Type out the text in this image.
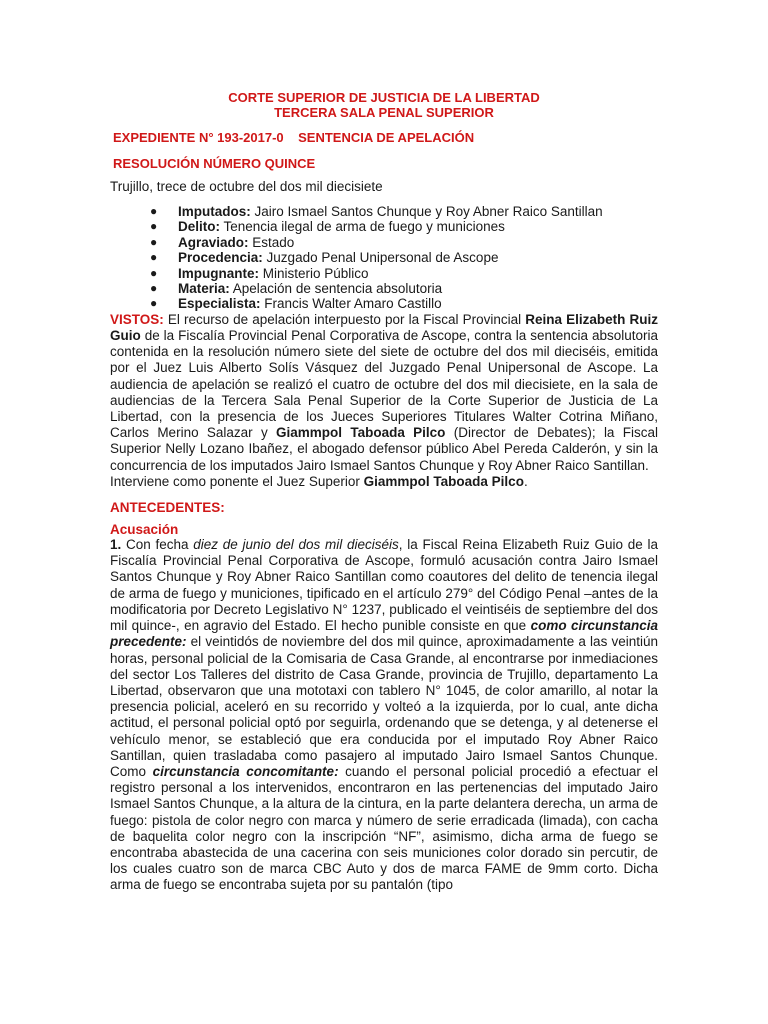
CORTE SUPERIOR DE JUSTICIA DE LA LIBERTAD
TERCERA SALA PENAL SUPERIOR
EXPEDIENTE N° 193-2017-0 SENTENCIA DE APELACIÓN
RESOLUCIÓN NÚMERO QUINCE
Trujillo, trece de octubre del dos mil diecisiete
● Imputados: Jairo Ismael Santos Chunque y Roy Abner Raico Santillan
● Delito: Tenencia ilegal de arma de fuego y municiones
● Agraviado: Estado
● Procedencia: Juzgado Penal Unipersonal de Ascope
● Impugnante: Ministerio Público
● Materia: Apelación de sentencia absolutoria
● Especialista: Francis Walter Amaro Castillo

VISTOS: El recurso de apelación interpuesto por la Fiscal Provincial Reina Elizabeth Ruiz Guio de la Fiscalía Provincial Penal Corporativa de Ascope, contra la sentencia absolutoria contenida en la resolución número siete del siete de octubre del dos mil dieciséis, emitida por el Juez Luis Alberto Solís Vásquez del Juzgado Penal Unipersonal de Ascope. La audiencia de apelación se realizó el cuatro de octubre del dos mil diecisiete, en la sala de audiencias de la Tercera Sala Penal Superior de la Corte Superior de Justicia de La Libertad, con la presencia de los Jueces Superiores Titulares Walter Cotrina Miñano, Carlos Merino Salazar y Giammpol Taboada Pilco (Director de Debates); la Fiscal Superior Nelly Lozano Ibañez, el abogado defensor público Abel Pereda Calderón, y sin la concurrencia de los imputados Jairo Ismael Santos Chunque y Roy Abner Raico Santillan.

Interviene como ponente el Juez Superior Giammpol Taboada Pilco.

ANTECEDENTES:
Acusación

1. Con fecha diez de junio del dos mil dieciséis, la Fiscal Reina Elizabeth Ruiz Guio de la Fiscalía Provincial Penal Corporativa de Ascope, formuló acusación contra Jairo Ismael Santos Chunque y Roy Abner Raico Santillan como coautores del delito de tenencia ilegal de arma de fuego y municiones, tipificado en el artículo 279° del Código Penal –antes de la modificatoria por Decreto Legislativo N° 1237, publicado el veintiséis de septiembre del dos mil quince-, en agravio del Estado. El hecho punible consiste en que como circunstancia precedente: el veintidós de noviembre del dos mil quince, aproximadamente a las veintiún horas, personal policial de la Comisaria de Casa Grande, al encontrarse por inmediaciones del sector Los Talleres del distrito de Casa Grande, provincia de Trujillo, departamento La Libertad, observaron que una mototaxi con tablero N° 1045, de color amarillo, al notar la presencia policial, aceleró en su recorrido y volteó a la izquierda, por lo cual, ante dicha actitud, el personal policial optó por seguirla, ordenando que se detenga, y al detenerse el vehículo menor, se estableció que era conducida por el imputado Roy Abner Raico Santillan, quien trasladaba como pasajero al imputado Jairo Ismael Santos Chunque. Como circunstancia concomitante: cuando el personal policial procedió a efectuar el registro personal a los intervenidos, encontraron en las pertenencias del imputado Jairo Ismael Santos Chunque, a la altura de la cintura, en la parte delantera derecha, un arma de fuego: pistola de color negro con marca y número de serie erradicada (limada), con cacha de baquelita color negro con la inscripción “NF”, asimismo, dicha arma de fuego se encontraba abastecida de una cacerina con seis municiones color dorado sin percutir, de los cuales cuatro son de marca CBC Auto y dos de marca FAME de 9mm corto. Dicha arma de fuego se encontraba sujeta por su pantalón (tipo
